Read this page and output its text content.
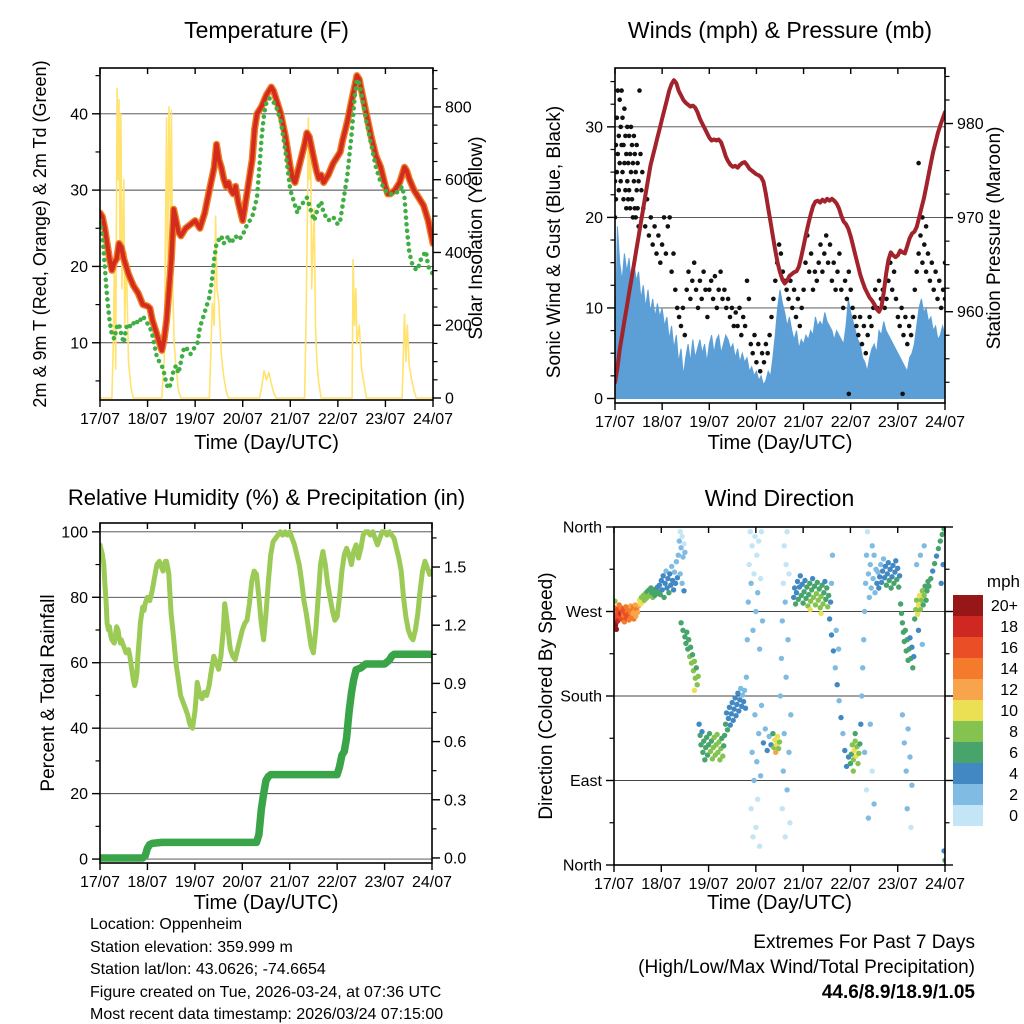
Temperature (F)
2m & 9m T (Red, Orange) & 2m Td (Green)	Solar Insolation (Yellow)
Time (Day/UTC)
17/07 18/07 19/07 20/07 21/07 22/07 23/07 24/07
10
20
30
40
0
200
400
600
800
Winds (mph) & Pressure (mb)
Sonic Wind & Gust (Blue, Black)	Station Pressure (Maroon)
Time (Day/UTC)
17/07 18/07 19/07 20/07 21/07 22/07 23/07 24/07
0
10
20
30
960
970
980
Relative Humidity (%) & Precipitation (in)
Percent & Total Rainfall
Time (Day/UTC)
17/07 18/07 19/07 20/07 21/07 22/07 23/07 24/07
0
20
40
60
80
100
0.0
0.3
0.6
0.9
1.2
1.5
Wind Direction
Direction (Colored By Speed)
Time (Day/UTC)
17/07 18/07 19/07 20/07 21/07 22/07 23/07 24/07
North
East
South
West
North
mph
20+
18
16
14
12
10
8
6
4
2
0
Location: Oppenheim
Station elevation: 359.999 m
Station lat/lon: 43.0626; -74.6654
Figure created on Tue, 2026-03-24, at 07:36 UTC
Most recent data timestamp: 2026/03/24 07:15:00
Extremes For Past 7 Days
(High/Low/Max Wind/Total Precipitation)
44.6/8.9/18.9/1.05
